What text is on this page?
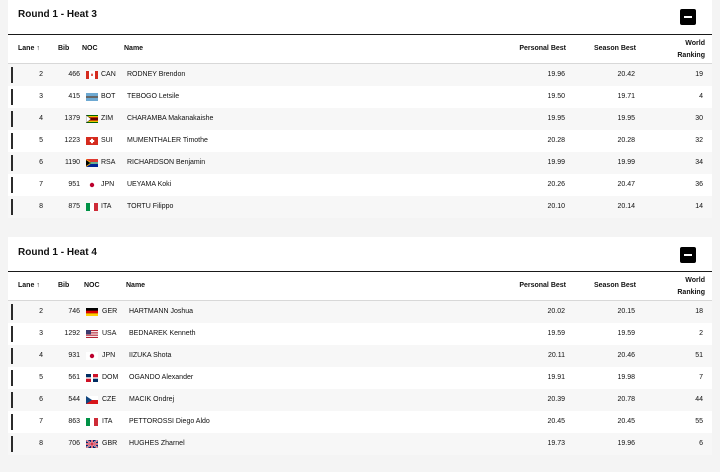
Round 1 - Heat 3
Lane ↑	Bib NOC	Name	Personal Best	Season Best
World
Ranking
2	466	CAN RODNEY Brendon	19.96	20.42	19
3	415	BOT TEBOGO Letsile	19.50	19.71	4
4	1379	ZIM CHARAMBA Makanakaishe	19.95	19.95	30
5	1223	SUI MUMENTHALER Timothe	20.28	20.28	32
6	1190	RSA RICHARDSON Benjamin	19.99	19.99	34
7	951	JPN UEYAMA Koki	20.26	20.47	36
8	875	ITA TORTU Filippo	20.10	20.14	14
Round 1 - Heat 4
Lane ↑	Bib NOC	Name	Personal Best	Season Best
World
Ranking
2	746	GER HARTMANN Joshua	20.02	20.15	18
3	1292	USA BEDNAREK Kenneth	19.59	19.59	2
4	931	JPN IIZUKA Shota	20.11	20.46	51
5	561	DOM OGANDO Alexander	19.91	19.98	7
6	544	CZE MACIK Ondrej	20.39	20.78	44
7	863	ITA PETTOROSSI Diego Aldo	20.45	20.45	55
8	706	GBR HUGHES Zharnel	19.73	19.96	6
